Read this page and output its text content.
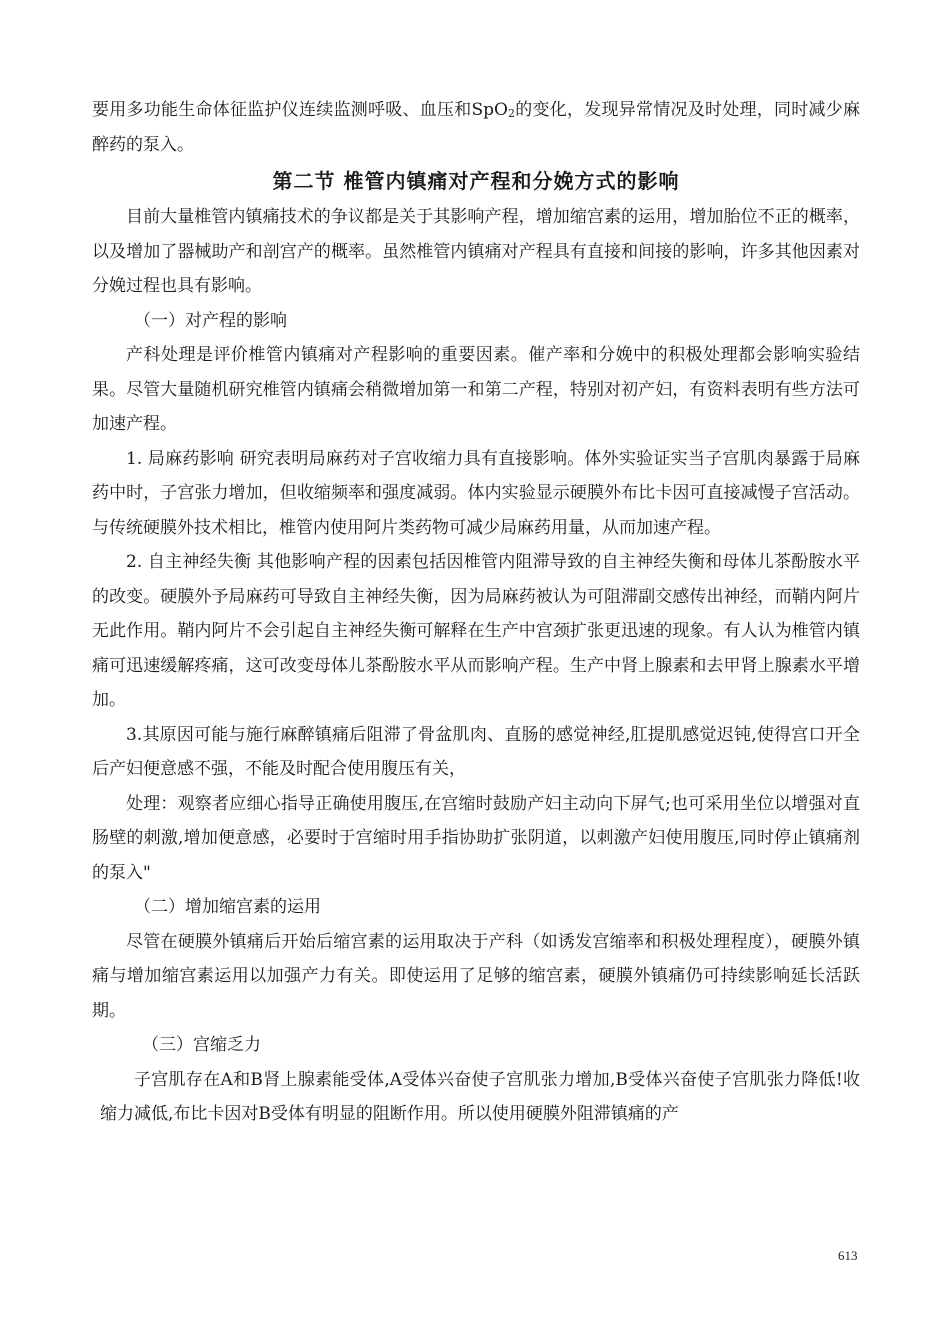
要用多功能生命体征监护仪连续监测呼吸、血压和SpO$_2$的变化，发现异常情况及时处理，同时减少麻醉药的泵入。

第二节 椎管内镇痛对产程和分娩方式的影响

目前大量椎管内镇痛技术的争议都是关于其影响产程，增加缩宫素的运用，增加胎位不正的概率，以及增加了器械助产和剖宫产的概率。虽然椎管内镇痛对产程具有直接和间接的影响，许多其他因素对分娩过程也具有影响。

（一）对产程的影响

产科处理是评价椎管内镇痛对产程影响的重要因素。催产率和分娩中的积极处理都会影响实验结果。尽管大量随机研究椎管内镇痛会稍微增加第一和第二产程，特别对初产妇，有资料表明有些方法可加速产程。

1. 局麻药影响 研究表明局麻药对子宫收缩力具有直接影响。体外实验证实当子宫肌肉暴露于局麻药中时，子宫张力增加，但收缩频率和强度减弱。体内实验显示硬膜外布比卡因可直接减慢子宫活动。与传统硬膜外技术相比，椎管内使用阿片类药物可减少局麻药用量，从而加速产程。

2. 自主神经失衡 其他影响产程的因素包括因椎管内阻滞导致的自主神经失衡和母体儿茶酚胺水平的改变。硬膜外予局麻药可导致自主神经失衡，因为局麻药被认为可阻滞副交感传出神经，而鞘内阿片无此作用。鞘内阿片不会引起自主神经失衡可解释在生产中宫颈扩张更迅速的现象。有人认为椎管内镇痛可迅速缓解疼痛，这可改变母体儿茶酚胺水平从而影响产程。生产中肾上腺素和去甲肾上腺素水平增加。

3.其原因可能与施行麻醉镇痛后阻滞了骨盆肌肉、直肠的感觉神经,肛提肌感觉迟钝,使得宫口开全后产妇便意感不强，不能及时配合使用腹压有关，

处理：观察者应细心指导正确使用腹压,在宫缩时鼓励产妇主动向下屏气;也可采用坐位以增强对直肠壁的刺激,增加便意感，必要时于宫缩时用手指协助扩张阴道，以刺激产妇使用腹压,同时停止镇痛剂的泵入"

（二）增加缩宫素的运用

尽管在硬膜外镇痛后开始后缩宫素的运用取决于产科（如诱发宫缩率和积极处理程度），硬膜外镇痛与增加缩宫素运用以加强产力有关。即使运用了足够的缩宫素，硬膜外镇痛仍可持续影响延长活跃期。

（三）宫缩乏力

子宫肌存在A和B肾上腺素能受体,A受体兴奋使子宫肌张力增加,B受体兴奋使子宫肌张力降低!收缩力减低,布比卡因对B受体有明显的阻断作用。所以使用硬膜外阻滞镇痛的产

613
